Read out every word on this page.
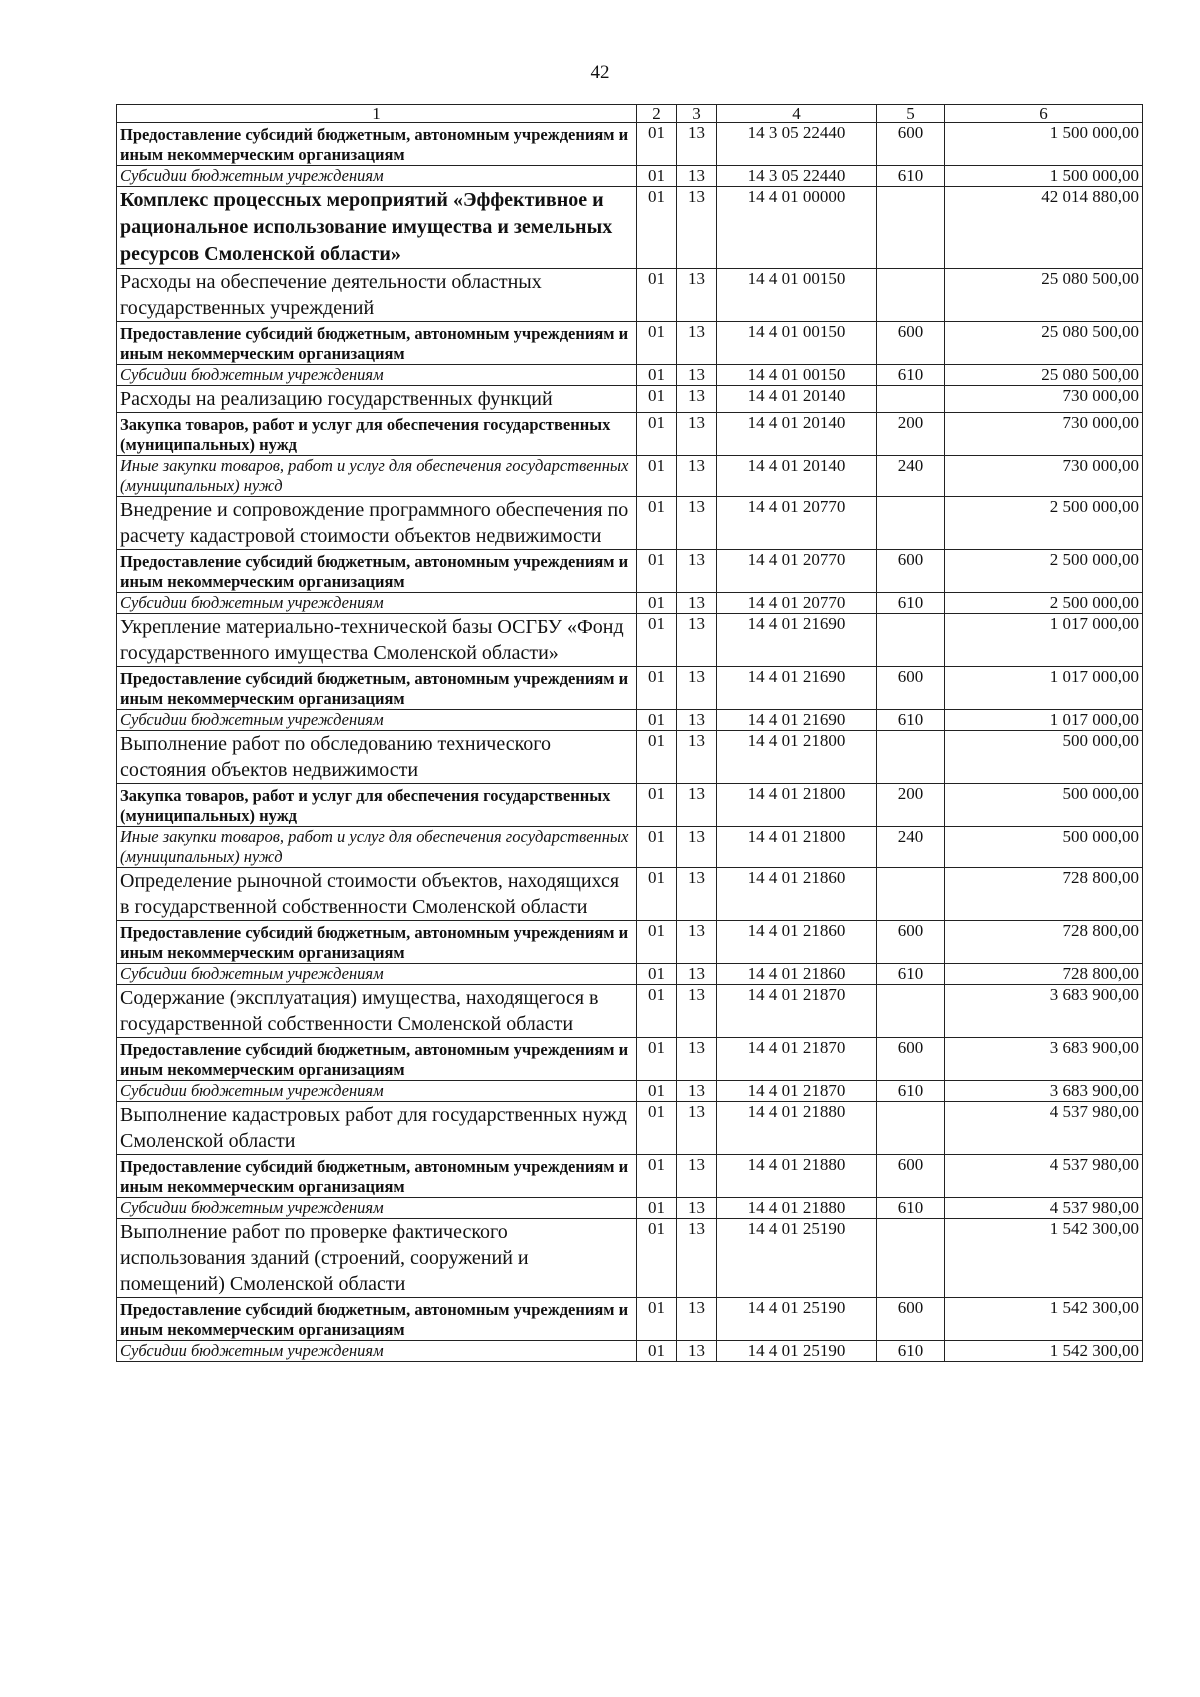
42
1	2	3	4	5	6
Предоставление субсидий бюджетным, автономным учреждениям и иным некоммерческим организациям	01	13	14 3 05 22440	600	1 500 000,00
Субсидии бюджетным учреждениям	01	13	14 3 05 22440	610	1 500 000,00
Комплекс процессных мероприятий «Эффективное и рациональное использование имущества и земельных ресурсов Смоленской области»	01	13	14 4 01 00000		42 014 880,00
Расходы на обеспечение деятельности областных государственных учреждений	01	13	14 4 01 00150		25 080 500,00
Предоставление субсидий бюджетным, автономным учреждениям и иным некоммерческим организациям	01	13	14 4 01 00150	600	25 080 500,00
Субсидии бюджетным учреждениям	01	13	14 4 01 00150	610	25 080 500,00
Расходы на реализацию государственных функций	01	13	14 4 01 20140		730 000,00
Закупка товаров, работ и услуг для обеспечения государственных (муниципальных) нужд	01	13	14 4 01 20140	200	730 000,00
Иные закупки товаров, работ и услуг для обеспечения государственных (муниципальных) нужд	01	13	14 4 01 20140	240	730 000,00
Внедрение и сопровождение программного обеспечения по расчету кадастровой стоимости объектов недвижимости	01	13	14 4 01 20770		2 500 000,00
Предоставление субсидий бюджетным, автономным учреждениям и иным некоммерческим организациям	01	13	14 4 01 20770	600	2 500 000,00
Субсидии бюджетным учреждениям	01	13	14 4 01 20770	610	2 500 000,00
Укрепление материально-технической базы ОСГБУ «Фонд государственного имущества Смоленской области»	01	13	14 4 01 21690		1 017 000,00
Предоставление субсидий бюджетным, автономным учреждениям и иным некоммерческим организациям	01	13	14 4 01 21690	600	1 017 000,00
Субсидии бюджетным учреждениям	01	13	14 4 01 21690	610	1 017 000,00
Выполнение работ по обследованию технического состояния объектов недвижимости	01	13	14 4 01 21800		500 000,00
Закупка товаров, работ и услуг для обеспечения государственных (муниципальных) нужд	01	13	14 4 01 21800	200	500 000,00
Иные закупки товаров, работ и услуг для обеспечения государственных (муниципальных) нужд	01	13	14 4 01 21800	240	500 000,00
Определение рыночной стоимости объектов, находящихся в государственной собственности Смоленской области	01	13	14 4 01 21860		728 800,00
Предоставление субсидий бюджетным, автономным учреждениям и иным некоммерческим организациям	01	13	14 4 01 21860	600	728 800,00
Субсидии бюджетным учреждениям	01	13	14 4 01 21860	610	728 800,00
Содержание (эксплуатация) имущества, находящегося в государственной собственности Смоленской области	01	13	14 4 01 21870		3 683 900,00
Предоставление субсидий бюджетным, автономным учреждениям и иным некоммерческим организациям	01	13	14 4 01 21870	600	3 683 900,00
Субсидии бюджетным учреждениям	01	13	14 4 01 21870	610	3 683 900,00
Выполнение кадастровых работ для государственных нужд Смоленской области	01	13	14 4 01 21880		4 537 980,00
Предоставление субсидий бюджетным, автономным учреждениям и иным некоммерческим организациям	01	13	14 4 01 21880	600	4 537 980,00
Субсидии бюджетным учреждениям	01	13	14 4 01 21880	610	4 537 980,00
Выполнение работ по проверке фактического использования зданий (строений, сооружений и помещений) Смоленской области	01	13	14 4 01 25190		1 542 300,00
Предоставление субсидий бюджетным, автономным учреждениям и иным некоммерческим организациям	01	13	14 4 01 25190	600	1 542 300,00
Субсидии бюджетным учреждениям	01	13	14 4 01 25190	610	1 542 300,00
